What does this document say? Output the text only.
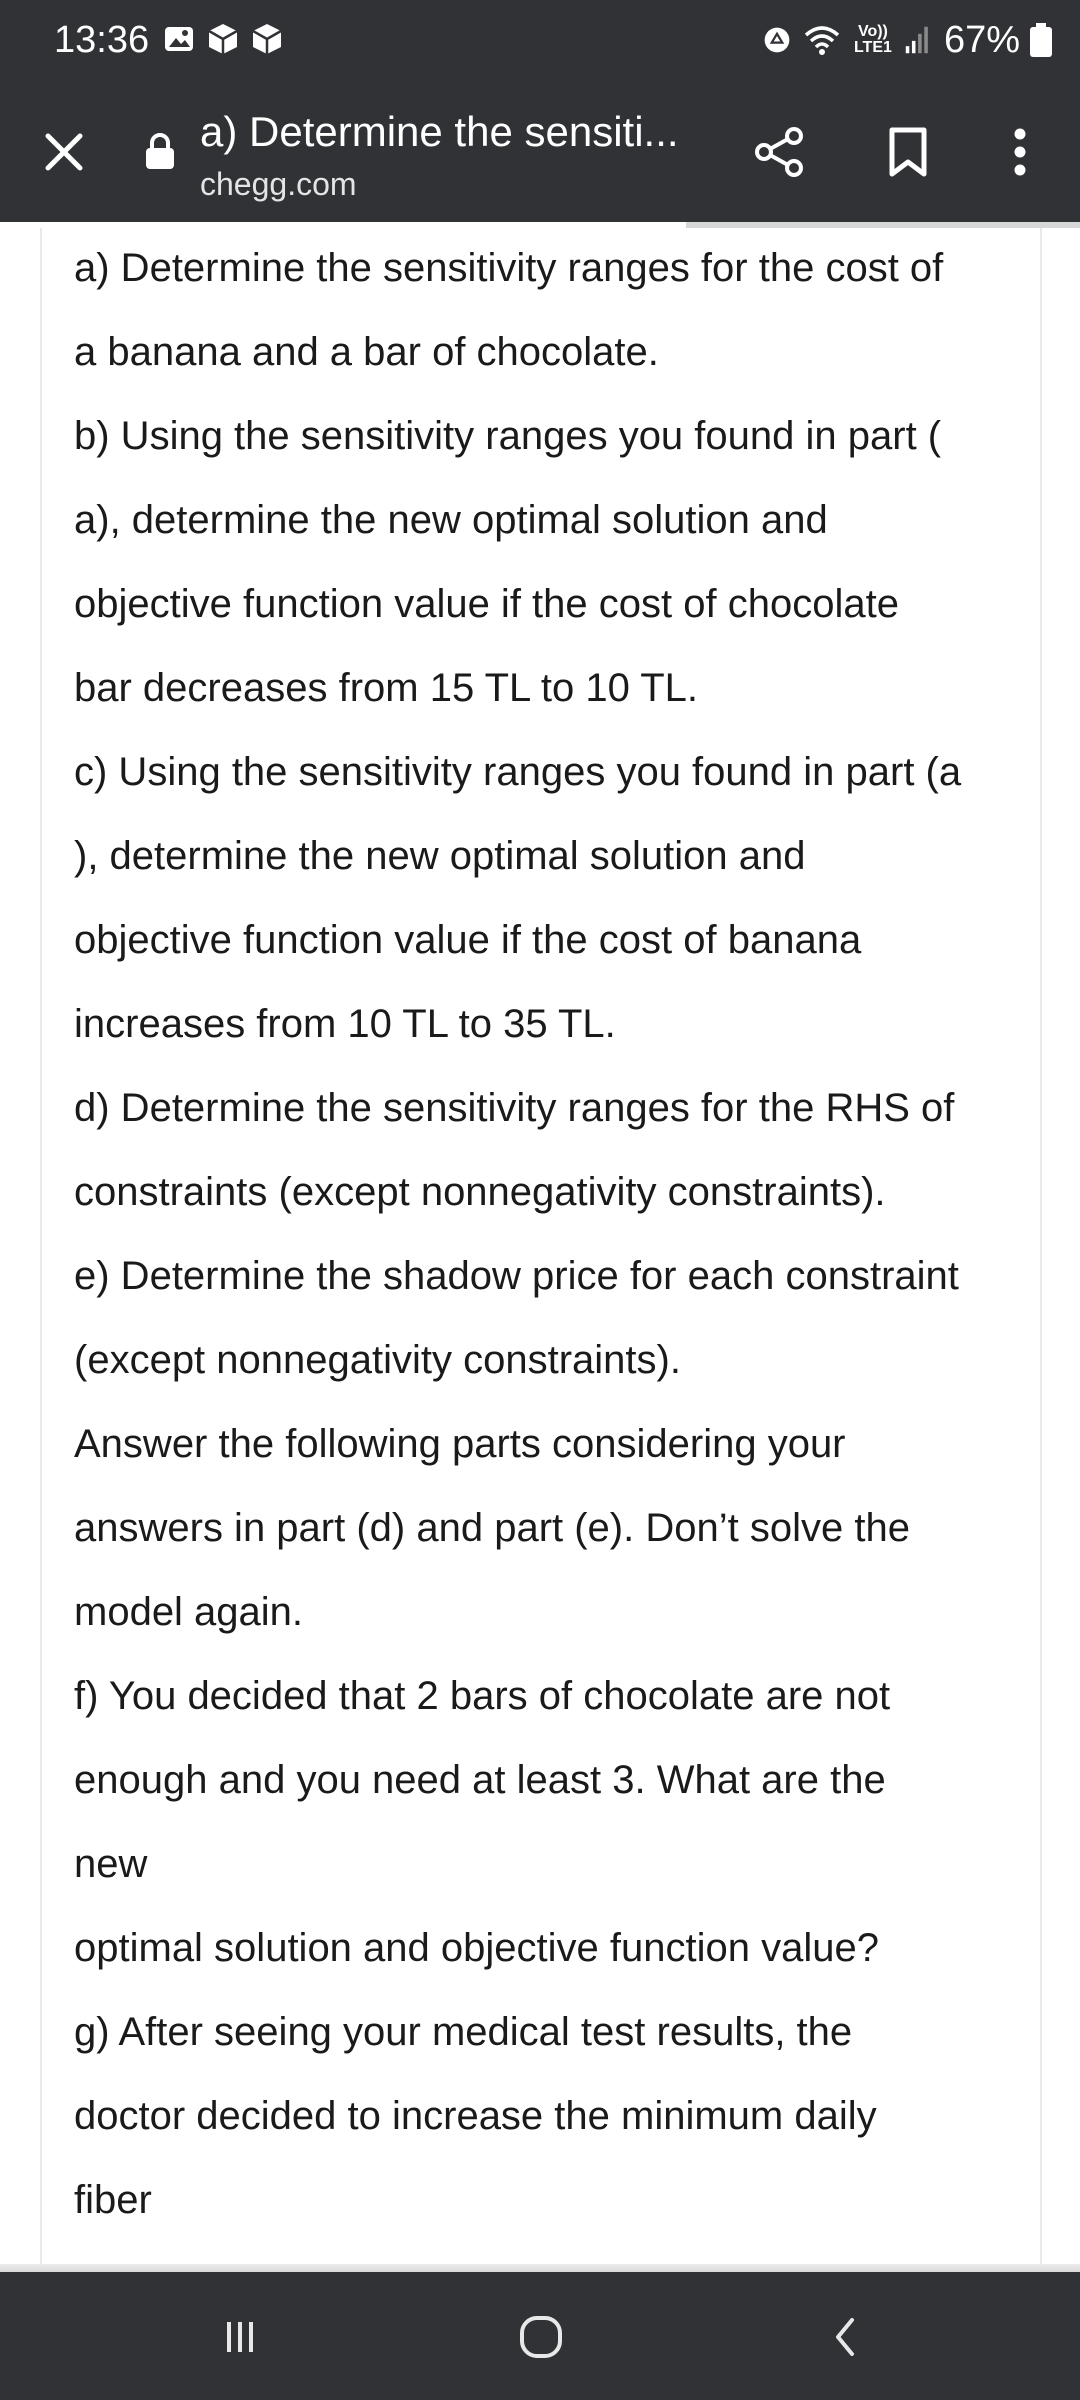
13:36	Vo))
LTE1 67%
a) Determine the sensiti...
chegg.com
a) Determine the sensitivity ranges for the cost of
a banana and a bar of chocolate.
b) Using the sensitivity ranges you found in part (
a), determine the new optimal solution and
objective function value if the cost of chocolate
bar decreases from 15 TL to 10 TL.
c) Using the sensitivity ranges you found in part (a
), determine the new optimal solution and
objective function value if the cost of banana
increases from 10 TL to 35 TL.
d) Determine the sensitivity ranges for the RHS of
constraints (except nonnegativity constraints).
e) Determine the shadow price for each constraint
(except nonnegativity constraints).
Answer the following parts considering your
answers in part (d) and part (e). Don’t solve the
model again.
f) You decided that 2 bars of chocolate are not
enough and you need at least 3. What are the
new
optimal solution and objective function value?
g) After seeing your medical test results, the
doctor decided to increase the minimum daily
fiber
